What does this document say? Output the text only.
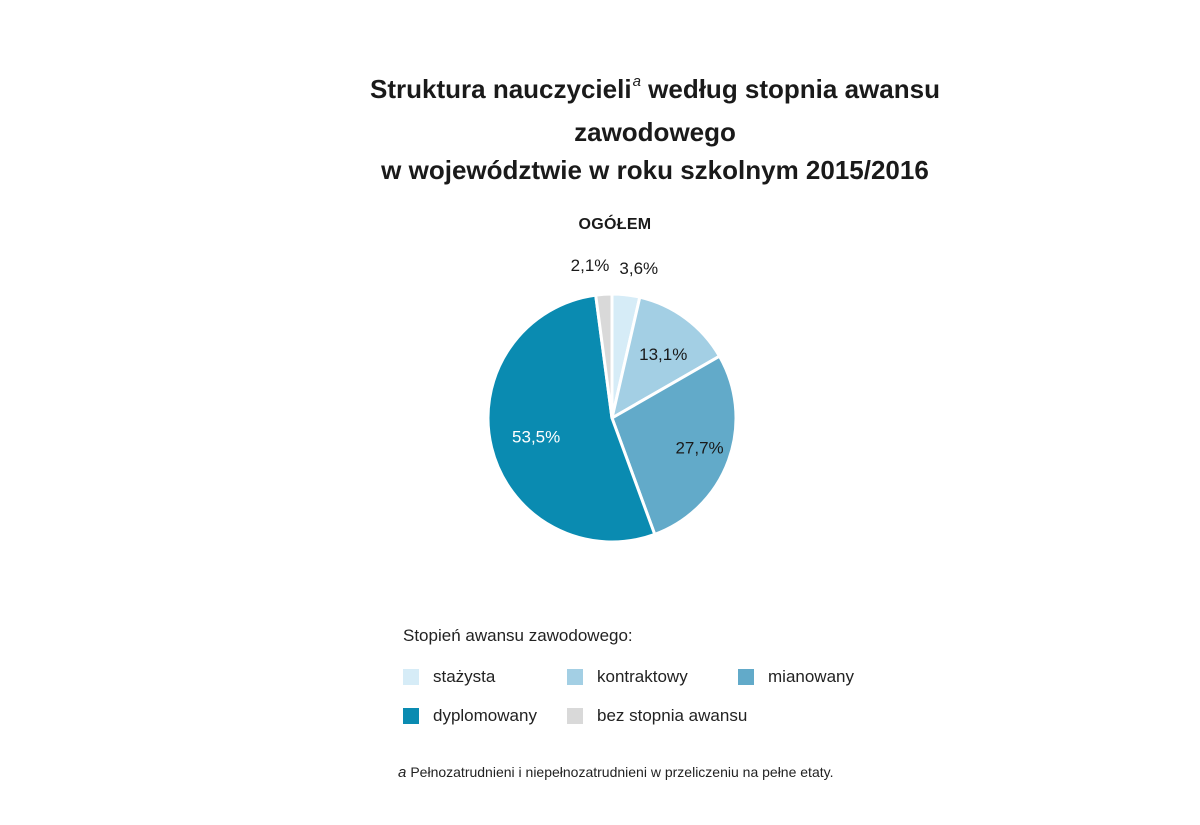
Struktura nauczycieli$^a$ według stopnia awansu zawodowego
w województwie w roku szkolnym 2015/2016
OGÓŁEM
3,6%
13,1%
27,7%
53,5%
2,1%
Stopień awansu zawodowego:
stażysta	kontraktowy	mianowany
dyplomowany	bez stopnia awansu
a Pełnozatrudnieni i niepełnozatrudnieni w przeliczeniu na pełne etaty.
